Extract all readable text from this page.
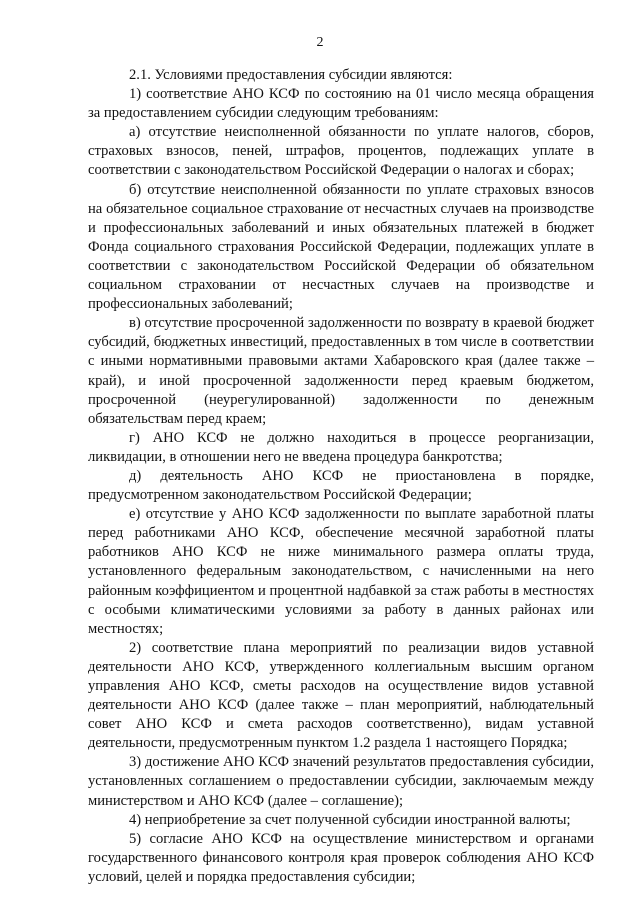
2

2.1. Условиями предоставления субсидии являются:

1) соответствие АНО КСФ по состоянию на 01 число месяца обращения за предоставлением субсидии следующим требованиям:

а) отсутствие неисполненной обязанности по уплате налогов, сборов, страховых взносов, пеней, штрафов, процентов, подлежащих уплате в соответствии с законодательством Российской Федерации о налогах и сборах;

б) отсутствие неисполненной обязанности по уплате страховых взносов на обязательное социальное страхование от несчастных случаев на производстве и профессиональных заболеваний и иных обязательных платежей в бюджет Фонда социального страхования Российской Федерации, подлежащих уплате в соответствии с законодательством Российской Федерации об обязательном социальном страховании от несчастных случаев на производстве и профессиональных заболеваний;

в) отсутствие просроченной задолженности по возврату в краевой бюджет субсидий, бюджетных инвестиций, предоставленных в том числе в соответствии с иными нормативными правовыми актами Хабаровского края (далее также – край), и иной просроченной задолженности перед краевым бюджетом, просроченной (неурегулированной) задолженности по денежным обязательствам перед краем;

г) АНО КСФ не должно находиться в процессе реорганизации, ликвидации, в отношении него не введена процедура банкротства;

д) деятельность АНО КСФ не приостановлена в порядке, предусмотренном законодательством Российской Федерации;

е) отсутствие у АНО КСФ задолженности по выплате заработной платы перед работниками АНО КСФ, обеспечение месячной заработной платы работников АНО КСФ не ниже минимального размера оплаты труда, установленного федеральным законодательством, с начисленными на него районным коэффициентом и процентной надбавкой за стаж работы в местностях с особыми климатическими условиями за работу в данных районах или местностях;

2) соответствие плана мероприятий по реализации видов уставной деятельности АНО КСФ, утвержденного коллегиальным высшим органом управления АНО КСФ, сметы расходов на осуществление видов уставной деятельности АНО КСФ (далее также – план мероприятий, наблюдательный совет АНО КСФ и смета расходов соответственно), видам уставной деятельности, предусмотренным пунктом 1.2 раздела 1 настоящего Порядка;

3) достижение АНО КСФ значений результатов предоставления субсидии, установленных соглашением о предоставлении субсидии, заключаемым между министерством и АНО КСФ (далее – соглашение);

4) неприобретение за счет полученной субсидии иностранной валюты;

5) согласие АНО КСФ на осуществление министерством и органами государственного финансового контроля края проверок соблюдения АНО КСФ условий, целей и порядка предоставления субсидии;
